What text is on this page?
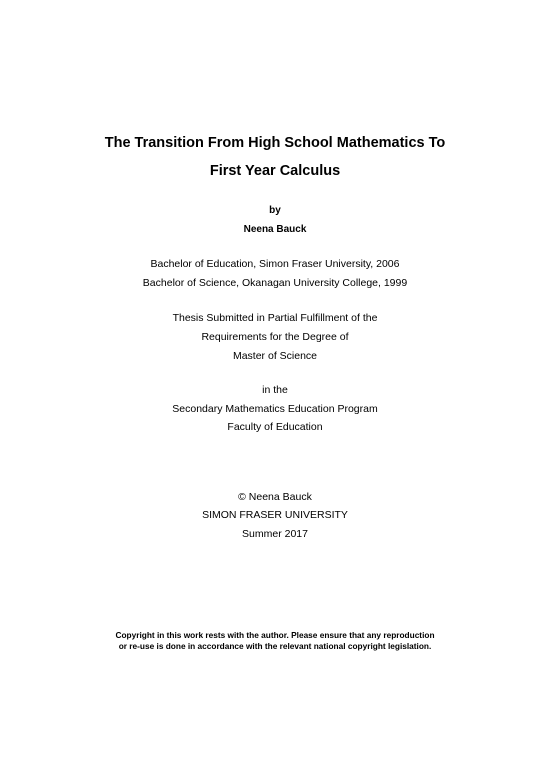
The Transition From High School Mathematics To
First Year Calculus
by
Neena Bauck
Bachelor of Education, Simon Fraser University, 2006
Bachelor of Science, Okanagan University College, 1999
Thesis Submitted in Partial Fulfillment of the
Requirements for the Degree of
Master of Science
in the
Secondary Mathematics Education Program
Faculty of Education
© Neena Bauck
SIMON FRASER UNIVERSITY
Summer 2017
Copyright in this work rests with the author. Please ensure that any reproduction
or re-use is done in accordance with the relevant national copyright legislation.
